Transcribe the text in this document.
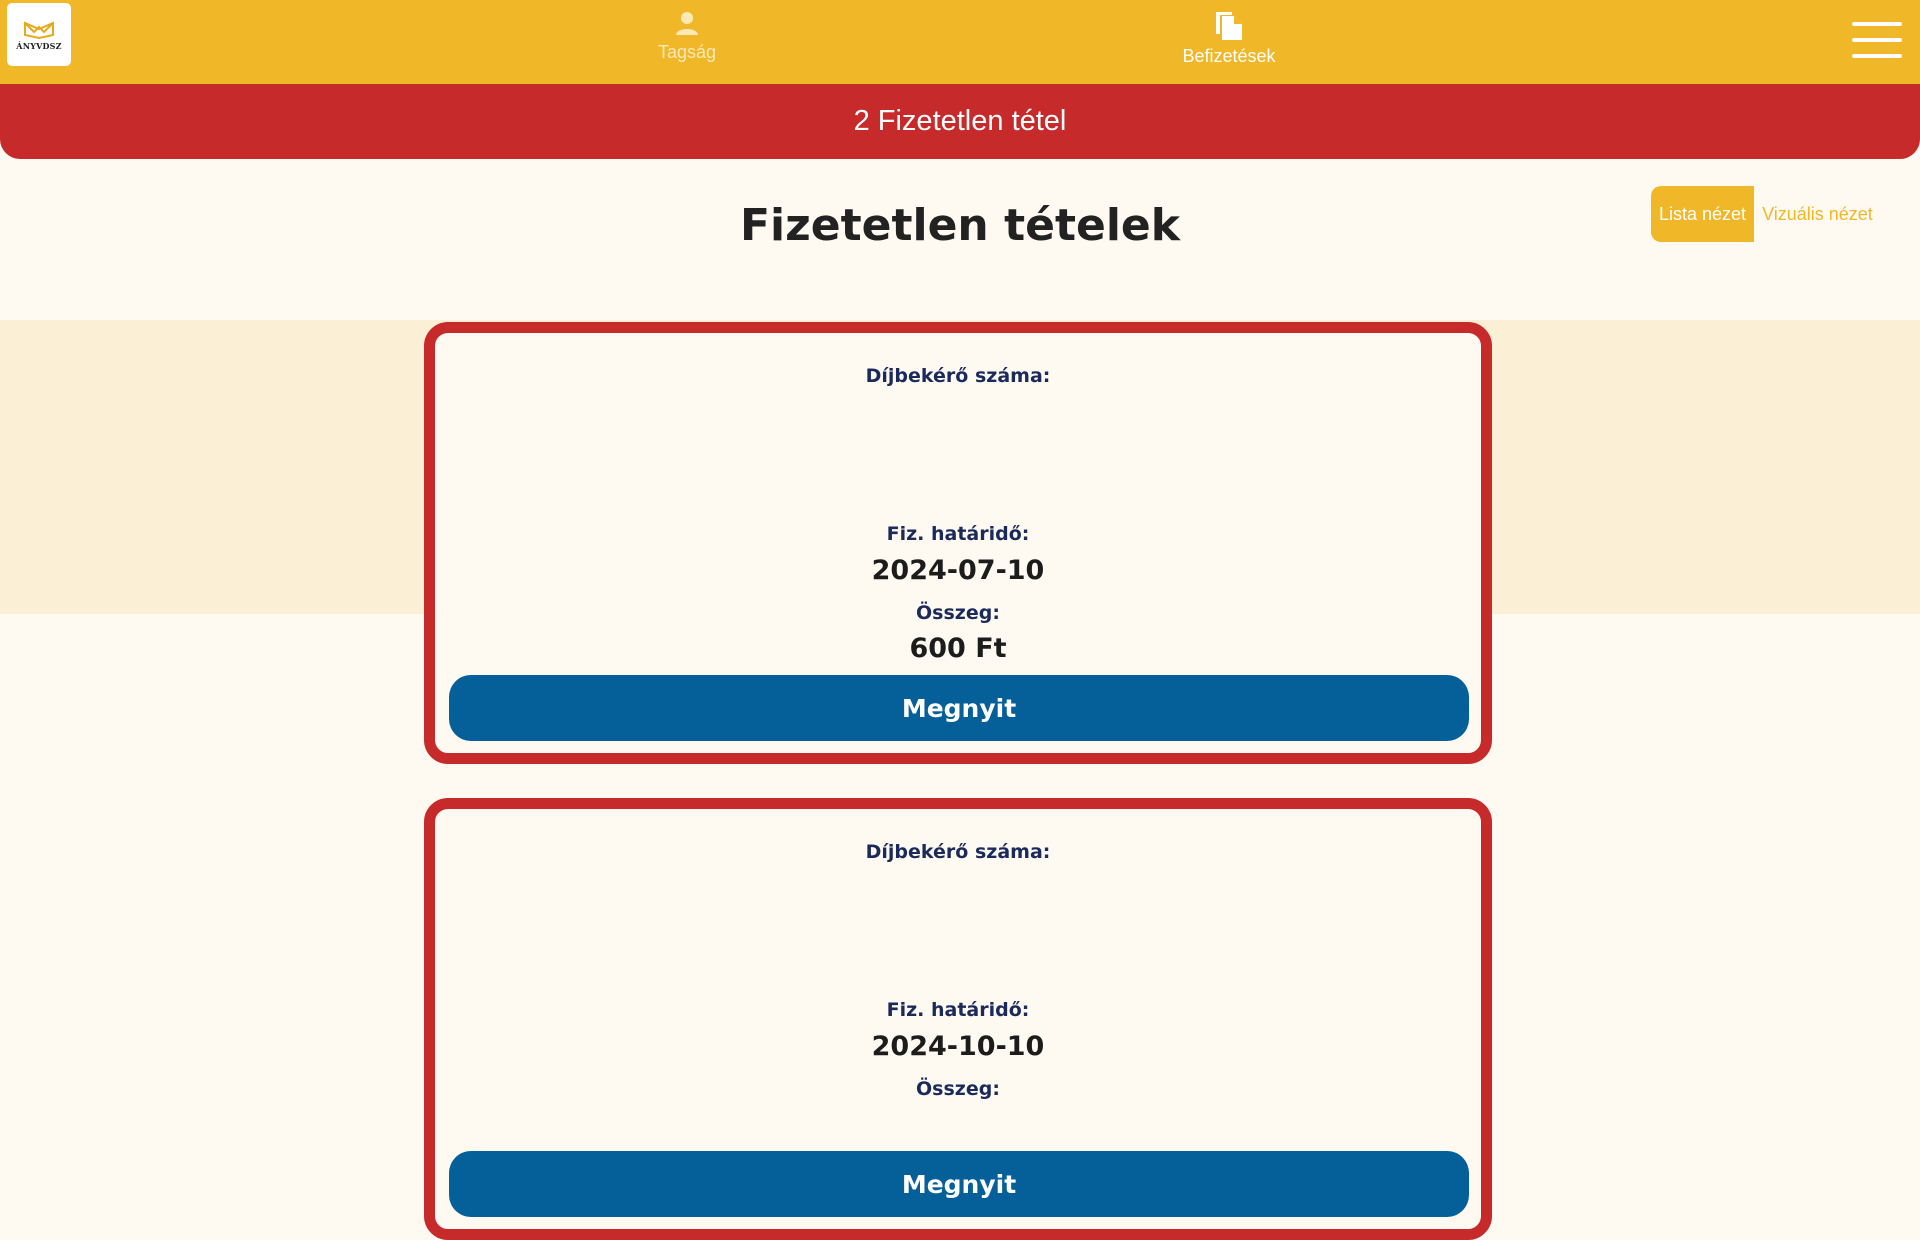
ÁNYVDSZ	Tagság	Befizetések
2 Fizetetlen tétel
Fizetetlen tételek	Lista nézet Vizuális nézet
Díjbekérő száma:
Fiz. határidő:
2024-07-10
Összeg:
600 Ft
Megnyit
Díjbekérő száma:
Fiz. határidő:
2024-10-10
Összeg:
Megnyit
